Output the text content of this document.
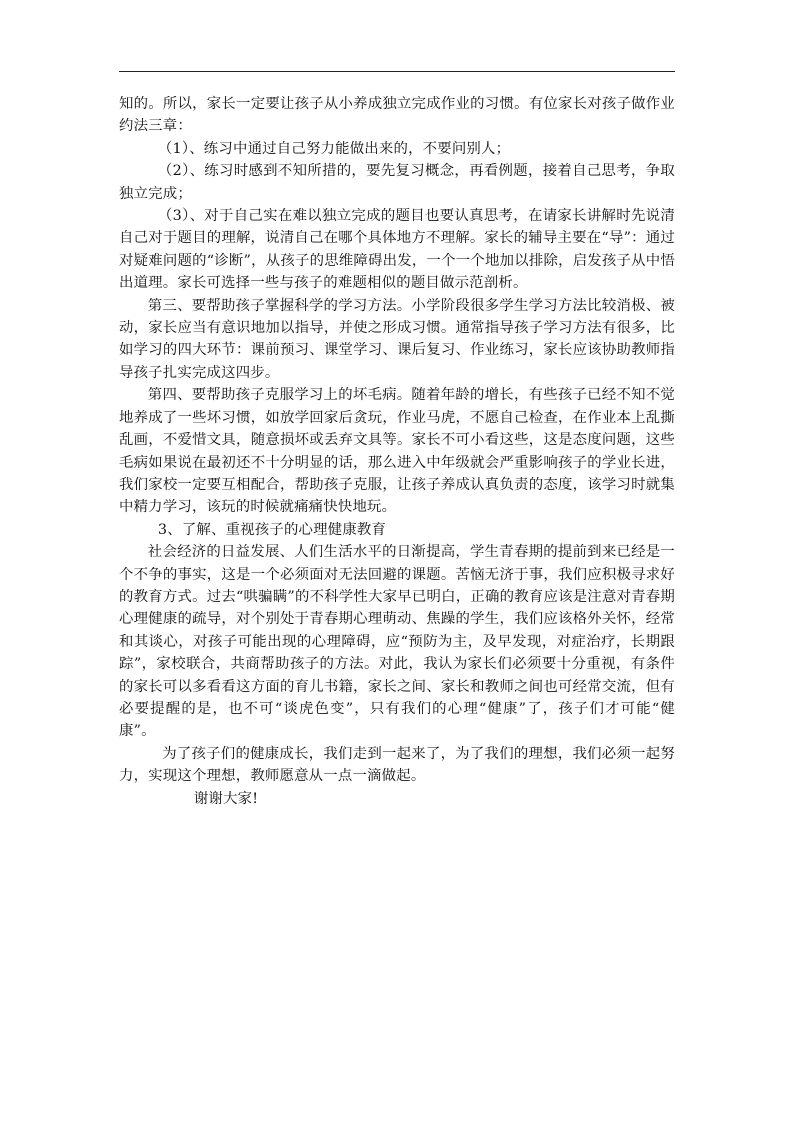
知的。所以，家长一定要让孩子从小养成独立完成作业的习惯。有位家长对孩子做作业约法三章：

（1）、练习中通过自己努力能做出来的，不要问别人；

（2）、练习时感到不知所措的，要先复习概念，再看例题，接着自己思考，争取独立完成；

（3）、对于自己实在难以独立完成的题目也要认真思考，在请家长讲解时先说清自己对于题目的理解，说清自己在哪个具体地方不理解。家长的辅导主要在“导”：通过对疑难问题的“诊断”，从孩子的思维障碍出发，一个一个地加以排除，启发孩子从中悟出道理。家长可选择一些与孩子的难题相似的题目做示范剖析。

第三、要帮助孩子掌握科学的学习方法。小学阶段很多学生学习方法比较消极、被动，家长应当有意识地加以指导，并使之形成习惯。通常指导孩子学习方法有很多，比如学习的四大环节：课前预习、课堂学习、课后复习、作业练习，家长应该协助教师指导孩子扎实完成这四步。

第四、要帮助孩子克服学习上的坏毛病。随着年龄的增长，有些孩子已经不知不觉地养成了一些坏习惯，如放学回家后贪玩，作业马虎，不愿自己检查，在作业本上乱撕乱画，不爱惜文具，随意损坏或丢弃文具等。家长不可小看这些，这是态度问题，这些毛病如果说在最初还不十分明显的话，那么进入中年级就会严重影响孩子的学业长进，我们家校一定要互相配合，帮助孩子克服，让孩子养成认真负责的态度，该学习时就集中精力学习，该玩的时候就痛痛快快地玩。

3、了解、重视孩子的心理健康教育

社会经济的日益发展、人们生活水平的日渐提高，学生青春期的提前到来已经是一个不争的事实，这是一个必须面对无法回避的课题。苦恼无济于事，我们应积极寻求好的教育方式。过去“哄骗瞒”的不科学性大家早已明白，正确的教育应该是注意对青春期心理健康的疏导，对个别处于青春期心理萌动、焦躁的学生，我们应该格外关怀，经常和其谈心，对孩子可能出现的心理障碍，应“预防为主，及早发现，对症治疗，长期跟踪”，家校联合，共商帮助孩子的方法。对此，我认为家长们必须要十分重视，有条件的家长可以多看看这方面的育儿书籍，家长之间、家长和教师之间也可经常交流，但有必要提醒的是，也不可“谈虎色变”，只有我们的心理“健康”了，孩子们才可能“健康”。

为了孩子们的健康成长，我们走到一起来了，为了我们的理想，我们必须一起努力，实现这个理想，教师愿意从一点一滴做起。

谢谢大家!
